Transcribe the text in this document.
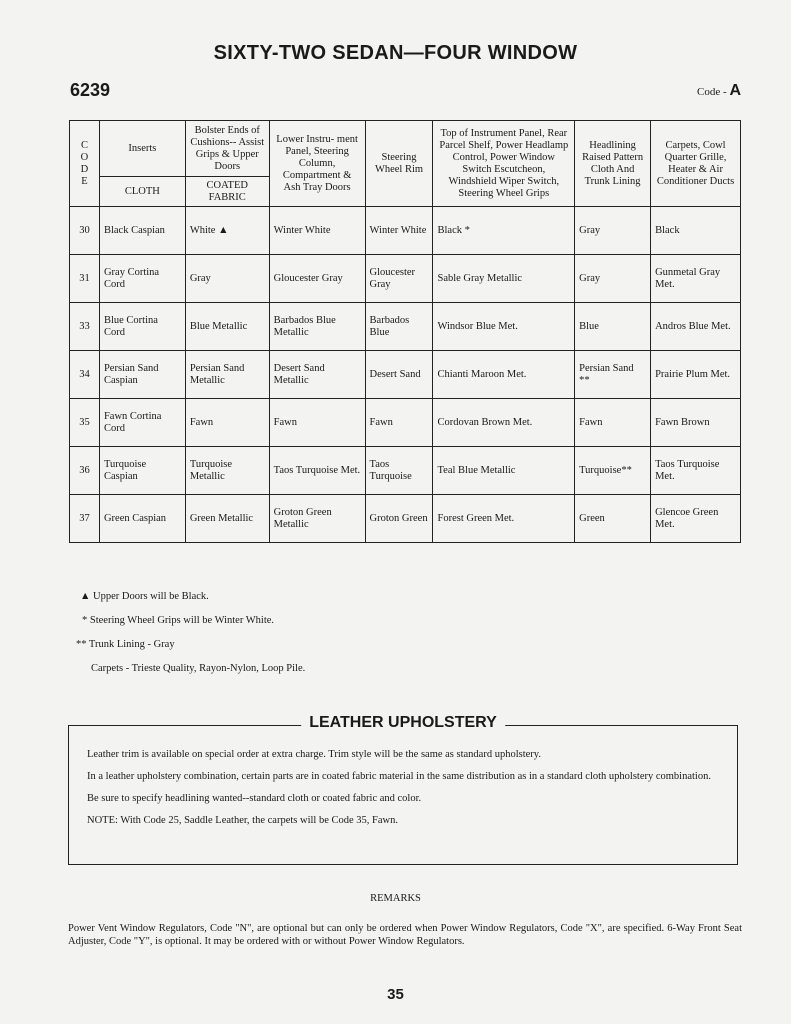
SIXTY-TWO SEDAN—FOUR WINDOW
6239	Code - A
C
O
D
E	Inserts	Bolster Ends of Cushions-- Assist Grips & Upper Doors	Lower Instru- ment Panel, Steering Column, Compartment & Ash Tray Doors	Steering Wheel Rim	Top of Instrument Panel, Rear Parcel Shelf, Power Headlamp Control, Power Window Switch Escutcheon, Windshield Wiper Switch, Steering Wheel Grips	Headlining Raised Pattern Cloth And Trunk Lining	Carpets, Cowl Quarter Grille, Heater & Air Conditioner Ducts
	CLOTH	COATED FABRIC					
30	Black Caspian	White ▲	Winter White	Winter White	Black *	Gray	Black
31	Gray Cortina Cord	Gray	Gloucester Gray	Gloucester Gray	Sable Gray Metallic	Gray	Gunmetal Gray Met.
33	Blue Cortina Cord	Blue Metallic	Barbados Blue Metallic	Barbados Blue	Windsor Blue Met.	Blue	Andros Blue Met.
34	Persian Sand Caspian	Persian Sand Metallic	Desert Sand Metallic	Desert Sand	Chianti Maroon Met.	Persian Sand **	Prairie Plum Met.
35	Fawn Cortina Cord	Fawn	Fawn	Fawn	Cordovan Brown Met.	Fawn	Fawn Brown
36	Turquoise Caspian	Turquoise Metallic	Taos Turquoise Met.	Taos Turquoise	Teal Blue Metallic	Turquoise**	Taos Turquoise Met.
37	Green Caspian	Green Metallic	Groton Green Metallic	Groton Green	Forest Green Met.	Green	Glencoe Green Met.
▲ Upper Doors will be Black.
* Steering Wheel Grips will be Winter White.
** Trunk Lining - Gray
Carpets - Trieste Quality, Rayon-Nylon, Loop Pile.
LEATHER UPHOLSTERY

Leather trim is available on special order at extra charge. Trim style will be the same as standard upholstery.

In a leather upholstery combination, certain parts are in coated fabric material in the same distribution as in a standard cloth upholstery combination.

Be sure to specify headlining wanted--standard cloth or coated fabric and color.

NOTE: With Code 25, Saddle Leather, the carpets will be Code 35, Fawn.

REMARKS
Power Vent Window Regulators, Code "N", are optional but can only be ordered when Power Window Regulators, Code "X", are specified. 6-Way Front Seat Adjuster, Code "Y", is optional. It may be ordered with or without Power Window Regulators.
35
